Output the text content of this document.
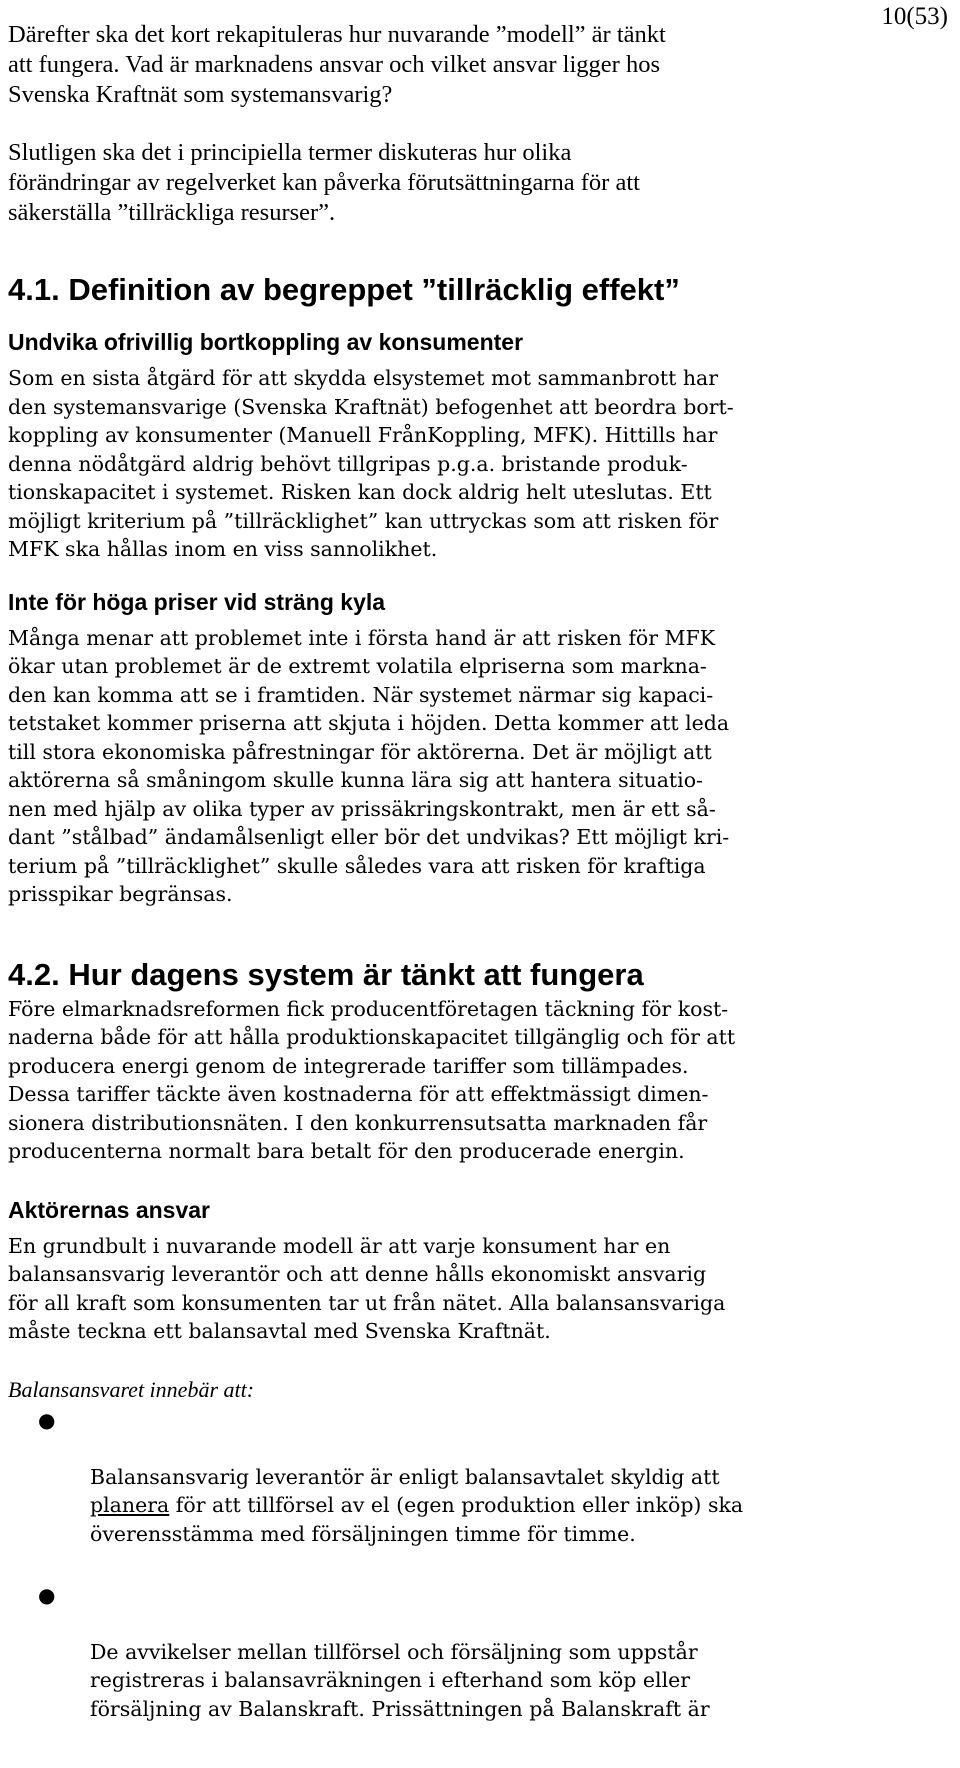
10(53)

Därefter ska det kort rekapituleras hur nuvarande ”modell” är tänkt
att fungera. Vad är marknadens ansvar och vilket ansvar ligger hos
Svenska Kraftnät som systemansvarig?

Slutligen ska det i principiella termer diskuteras hur olika
förändringar av regelverket kan påverka förutsättningarna för att
säkerställa ”tillräckliga resurser”.

4.1. Definition av begreppet ”tillräcklig effekt”
Undvika ofrivillig bortkoppling av konsumenter

Som en sista åtgärd för att skydda elsystemet mot sammanbrott har
den systemansvarige (Svenska Kraftnät) befogenhet att beordra bort-
koppling av konsumenter (Manuell FrånKoppling, MFK). Hittills har
denna nödåtgärd aldrig behövt tillgripas p.g.a. bristande produk-
tionskapacitet i systemet. Risken kan dock aldrig helt uteslutas. Ett
möjligt kriterium på ”tillräcklighet” kan uttryckas som att risken för
MFK ska hållas inom en viss sannolikhet.

Inte för höga priser vid sträng kyla

Många menar att problemet inte i första hand är att risken för MFK
ökar utan problemet är de extremt volatila elpriserna som markna-
den kan komma att se i framtiden. När systemet närmar sig kapaci-
tetstaket kommer priserna att skjuta i höjden. Detta kommer att leda
till stora ekonomiska påfrestningar för aktörerna. Det är möjligt att
aktörerna så småningom skulle kunna lära sig att hantera situatio-
nen med hjälp av olika typer av prissäkringskontrakt, men är ett så-
dant ”stålbad” ändamålsenligt eller bör det undvikas? Ett möjligt kri-
terium på ”tillräcklighet” skulle således vara att risken för kraftiga
prisspikar begränsas.

4.2. Hur dagens system är tänkt att fungera

Före elmarknadsreformen fick producentföretagen täckning för kost-
naderna både för att hålla produktionskapacitet tillgänglig och för att
producera energi genom de integrerade tariffer som tillämpades.
Dessa tariffer täckte även kostnaderna för att effektmässigt dimen-
sionera distributionsnäten. I den konkurrensutsatta marknaden får
producenterna normalt bara betalt för den producerade energin.

Aktörernas ansvar

En grundbult i nuvarande modell är att varje konsument har en
balansansvarig leverantör och att denne hålls ekonomiskt ansvarig
för all kraft som konsumenten tar ut från nätet. Alla balansansvariga
måste teckna ett balansavtal med Svenska Kraftnät.

Balansansvaret innebär att:

●

Balansansvarig leverantör är enligt balansavtalet skyldig att
planera för att tillförsel av el (egen produktion eller inköp) ska
överensstämma med försäljningen timme för timme.

●

De avvikelser mellan tillförsel och försäljning som uppstår
registreras i balansavräkningen i efterhand som köp eller
försäljning av Balanskraft. Prissättningen på Balanskraft är
